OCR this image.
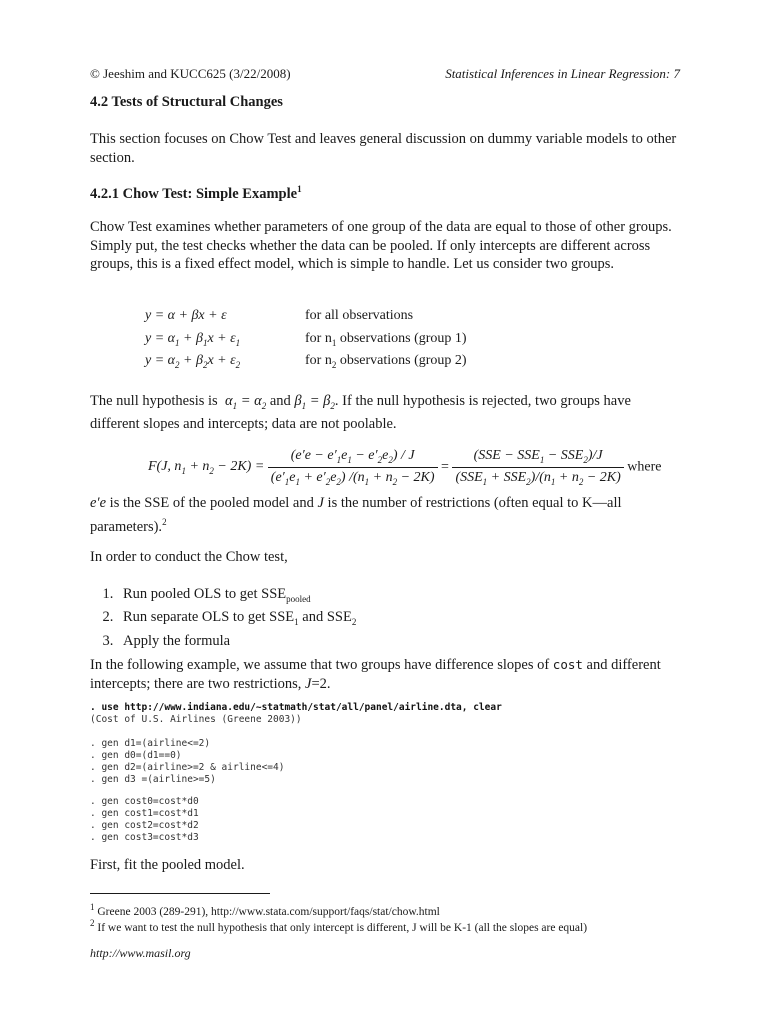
© Jeeshim and KUCC625 (3/22/2008)	Statistical Inferences in Linear Regression: 7
4.2 Tests of Structural Changes
This section focuses on Chow Test and leaves general discussion on dummy variable models to other section.
4.2.1 Chow Test: Simple Example$^1$
Chow Test examines whether parameters of one group of the data are equal to those of other groups. Simply put, the test checks whether the data can be pooled. If only intercepts are different across groups, this is a fixed effect model, which is simple to handle. Let us consider two groups.
y = α + βx + ε	for all observations
$y = \alpha_1 + \beta_1x + \varepsilon_1$	for $n_1$ observations (group 1)
$y = \alpha_2 + \beta_2x + \varepsilon_2$	for $n_2$ observations (group 2)
The null hypothesis is  $\alpha_1 = \alpha_2$ and $\beta_1 = \beta_2$. If the null hypothesis is rejected, two groups have different slopes and intercepts; data are not poolable.
F(J, $n_1 + n_2 - 2K) = \frac{(e'e - e'_1e_1 - e'_2e_2) / J}{(e'_1e_1 + e'_2e_2) /(n_1 + n_2 - 2K)} = \frac{(SSE - SSE_1 - SSE_2)/J}{(SSE_1 + SSE_2)/(n_1 + n_2 - 2K)}$ where
e′e is the SSE of the pooled model and J is the number of restrictions (often equal to K—all parameters).$^2$
In order to conduct the Chow test,
1. Run pooled OLS to get $SSE_{pooled}$
2. Run separate OLS to get $SSE_1$ and $SSE_2$
3. Apply the formula
In the following example, we assume that two groups have difference slopes of cost and different intercepts; there are two restrictions, J=2.
. use http://www.indiana.edu/~statmath/stat/all/panel/airline.dta, clear
(Cost of U.S. Airlines (Greene 2003))
. gen d1=(airline<=2)
. gen d0=(d1==0)
. gen d2=(airline>=2 & airline<=4)
. gen d3 =(airline>=5)
. gen cost0=cost*d0
. gen cost1=cost*d1
. gen cost2=cost*d2
. gen cost3=cost*d3
First, fit the pooled model.
$^1$ Greene 2003 (289-291), http://www.stata.com/support/faqs/stat/chow.html
$^2$ If we want to test the null hypothesis that only intercept is different, J will be K-1 (all the slopes are equal)
http://www.masil.org
